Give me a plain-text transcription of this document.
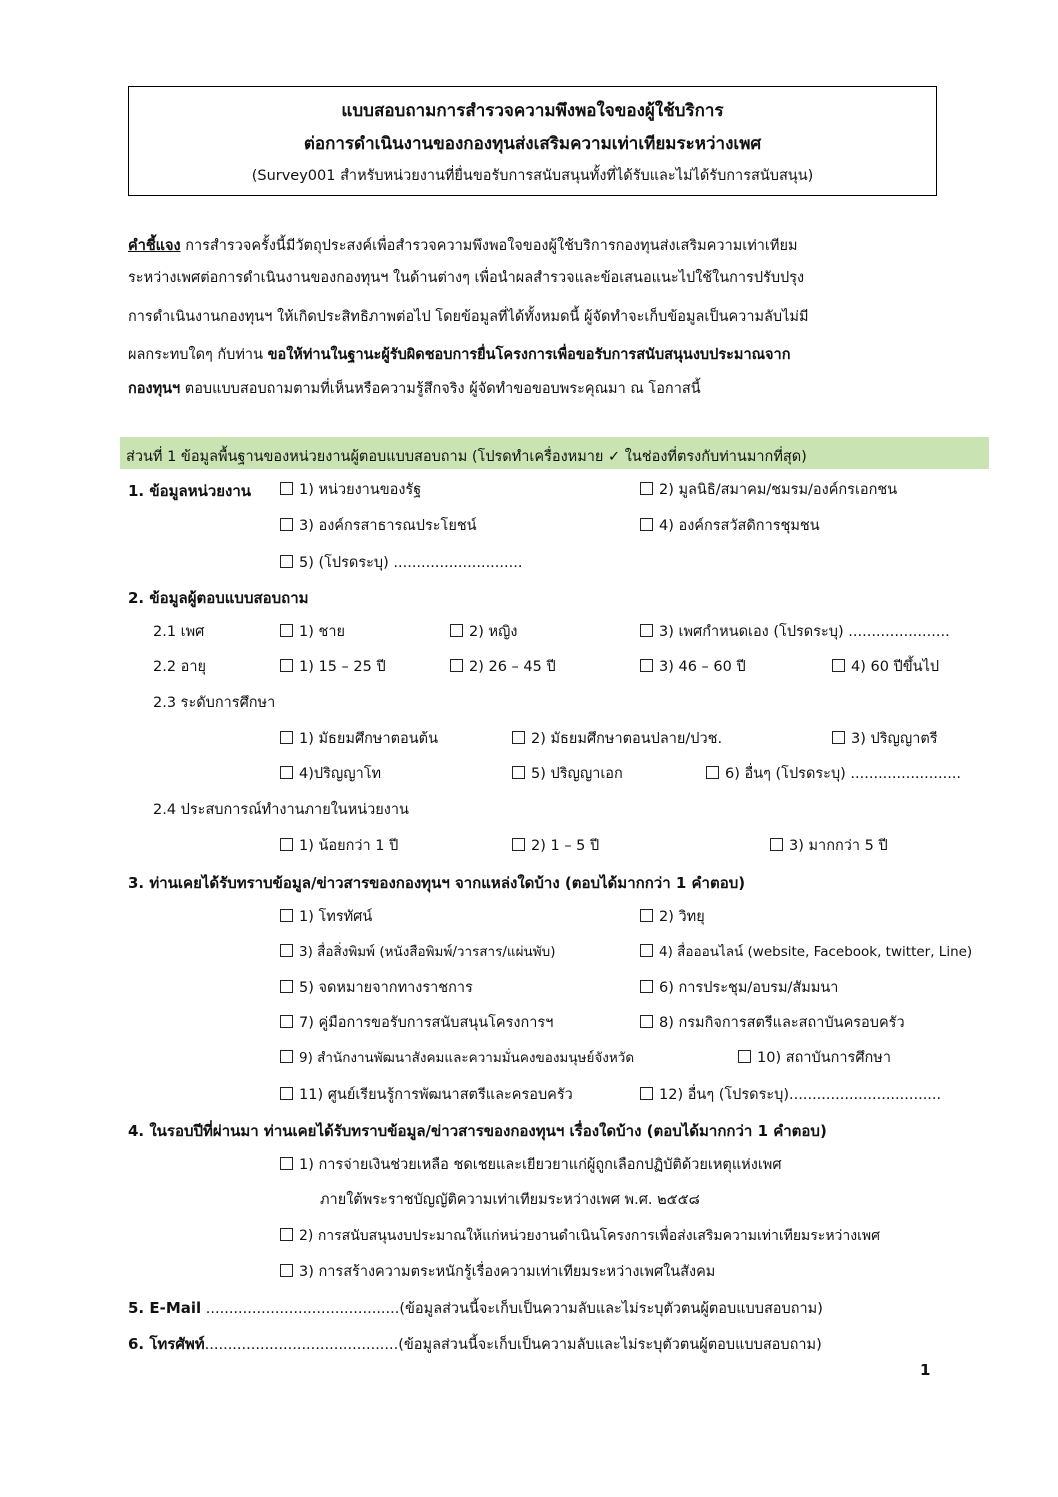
แบบสอบถามการสำรวจความพึงพอใจของผู้ใช้บริการ
ต่อการดำเนินงานของกองทุนส่งเสริมความเท่าเทียมระหว่างเพศ
(Survey001 สำหรับหน่วยงานที่ยื่นขอรับการสนับสนุนทั้งที่ได้รับและไม่ได้รับการสนับสนุน)
คำชี้แจง การสำรวจครั้งนี้มีวัตถุประสงค์เพื่อสำรวจความพึงพอใจของผู้ใช้บริการกองทุนส่งเสริมความเท่าเทียม
ระหว่างเพศต่อการดำเนินงานของกองทุนฯ ในด้านต่างๆ เพื่อนำผลสำรวจและข้อเสนอแนะไปใช้ในการปรับปรุง
การดำเนินงานกองทุนฯ ให้เกิดประสิทธิภาพต่อไป โดยข้อมูลที่ได้ทั้งหมดนี้ ผู้จัดทำจะเก็บข้อมูลเป็นความลับไม่มี
ผลกระทบใดๆ กับท่าน ขอให้ท่านในฐานะผู้รับผิดชอบการยื่นโครงการเพื่อขอรับการสนับสนุนงบประมาณจาก
กองทุนฯ ตอบแบบสอบถามตามที่เห็นหรือความรู้สึกจริง ผู้จัดทำขอขอบพระคุณมา ณ โอกาสนี้
ส่วนที่ 1 ข้อมูลพื้นฐานของหน่วยงานผู้ตอบแบบสอบถาม (โปรดทำเครื่องหมาย ✓ ในช่องที่ตรงกับท่านมากที่สุด)
1. ข้อมูลหน่วยงาน	1) หน่วยงานของรัฐ	2) มูลนิธิ/สมาคม/ชมรม/องค์กรเอกชน
3) องค์กรสาธารณประโยชน์	4) องค์กรสวัสดิการชุมชน
5) (โปรดระบุ) ............................
2. ข้อมูลผู้ตอบแบบสอบถาม
2.1 เพศ	1) ชาย	2) หญิง	3) เพศกำหนดเอง (โปรดระบุ) ......................
2.2 อายุ	1) 15 – 25 ปี	2) 26 – 45 ปี	3) 46 – 60 ปี	4) 60 ปีขึ้นไป
2.3 ระดับการศึกษา
1) มัธยมศึกษาตอนต้น	2) มัธยมศึกษาตอนปลาย/ปวช.	3) ปริญญาตรี
4)ปริญญาโท	5) ปริญญาเอก	6) อื่นๆ (โปรดระบุ) ........................
2.4 ประสบการณ์ทำงานภายในหน่วยงาน
1) น้อยกว่า 1 ปี	2) 1 – 5 ปี	3) มากกว่า 5 ปี
3. ท่านเคยได้รับทราบข้อมูล/ข่าวสารของกองทุนฯ จากแหล่งใดบ้าง (ตอบได้มากกว่า 1 คำตอบ)
1) โทรทัศน์	2) วิทยุ
3) สื่อสิ่งพิมพ์ (หนังสือพิมพ์/วารสาร/แผ่นพับ)	4) สื่อออนไลน์ (website, Facebook, twitter, Line)
5) จดหมายจากทางราชการ	6) การประชุม/อบรม/สัมมนา
7) คู่มือการขอรับการสนับสนุนโครงการฯ	8) กรมกิจการสตรีและสถาบันครอบครัว
9) สำนักงานพัฒนาสังคมและความมั่นคงของมนุษย์จังหวัด	10) สถาบันการศึกษา
11) ศูนย์เรียนรู้การพัฒนาสตรีและครอบครัว	12) อื่นๆ (โปรดระบุ).................................
4. ในรอบปีที่ผ่านมา ท่านเคยได้รับทราบข้อมูล/ข่าวสารของกองทุนฯ เรื่องใดบ้าง (ตอบได้มากกว่า 1 คำตอบ)
1) การจ่ายเงินช่วยเหลือ ชดเชยและเยียวยาแก่ผู้ถูกเลือกปฏิบัติด้วยเหตุแห่งเพศ
ภายใต้พระราชบัญญัติความเท่าเทียมระหว่างเพศ พ.ศ. ๒๕๕๘
2) การสนับสนุนงบประมาณให้แก่หน่วยงานดำเนินโครงการเพื่อส่งเสริมความเท่าเทียมระหว่างเพศ
3) การสร้างความตระหนักรู้เรื่องความเท่าเทียมระหว่างเพศในสังคม
5. E-Mail ..........................................(ข้อมูลส่วนนี้จะเก็บเป็นความลับและไม่ระบุตัวตนผู้ตอบแบบสอบถาม)
6. โทรศัพท์..........................................(ข้อมูลส่วนนี้จะเก็บเป็นความลับและไม่ระบุตัวตนผู้ตอบแบบสอบถาม)
1
